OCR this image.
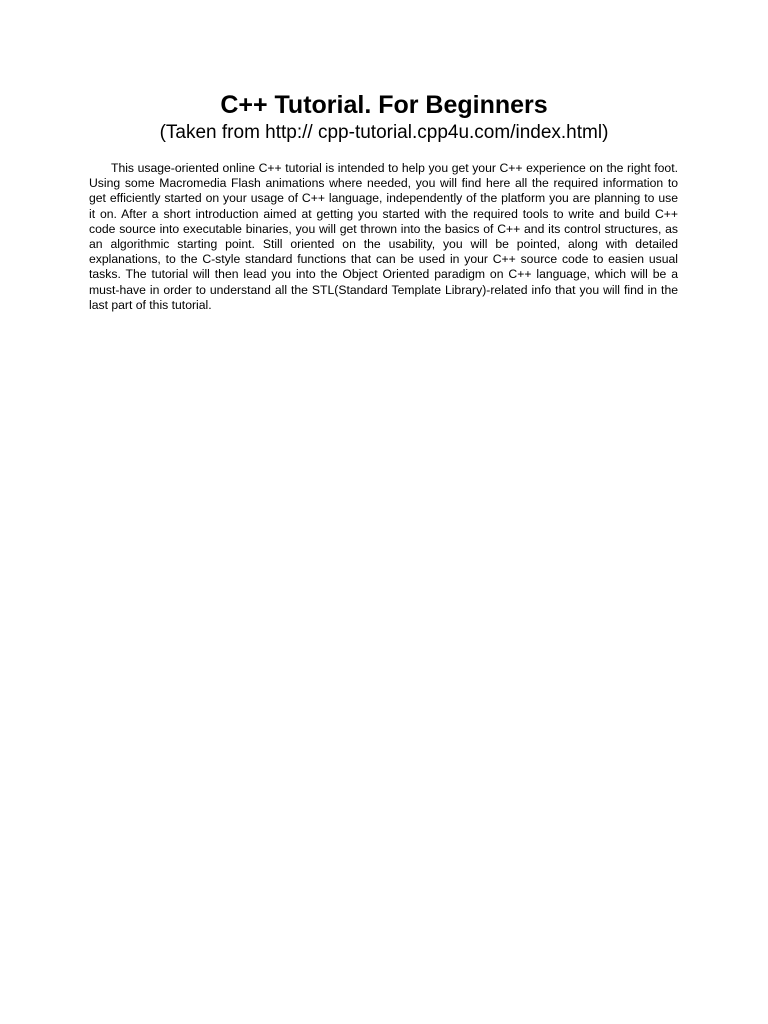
C++ Tutorial. For Beginners
(Taken from http:// cpp-tutorial.cpp4u.com/index.html)

This usage-oriented online C++ tutorial is intended to help you get your C++ experience on the right foot. Using some Macromedia Flash animations where needed, you will find here all the required information to get efficiently started on your usage of C++ language, independently of the platform you are planning to use it on. After a short introduction aimed at getting you started with the required tools to write and build C++ code source into executable binaries, you will get thrown into the basics of C++ and its control structures, as an algorithmic starting point. Still oriented on the usability, you will be pointed, along with detailed explanations, to the C-style standard functions that can be used in your C++ source code to easien usual tasks. The tutorial will then lead you into the Object Oriented paradigm on C++ language, which will be a must-have in order to understand all the STL(Standard Template Library)-related info that you will find in the last part of this tutorial.
